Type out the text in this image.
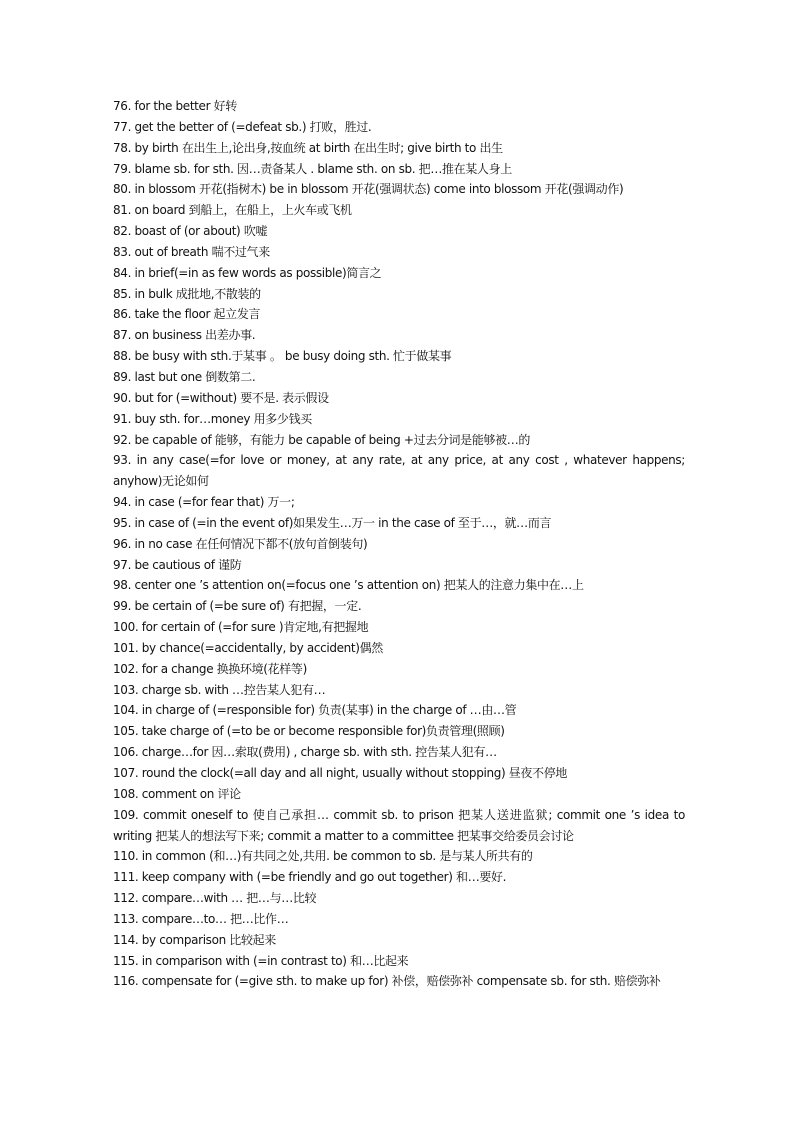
76. for the better 好转
77. get the better of (=defeat sb.) 打败，胜过.
78. by birth 在出生上,论出身,按血统 at birth 在出生时; give birth to 出生
79. blame sb. for sth. 因…责备某人 . blame sth. on sb. 把…推在某人身上
80. in blossom 开花(指树木) be in blossom 开花(强调状态) come into blossom 开花(强调动作)
81. on board 到船上，在船上，上火车或飞机
82. boast of (or about) 吹嘘
83. out of breath 喘不过气来
84. in brief(=in as few words as possible)简言之
85. in bulk 成批地,不散装的
86. take the floor 起立发言
87. on business 出差办事.
88. be busy with sth.于某事 。 be busy doing sth. 忙于做某事
89. last but one 倒数第二.
90. but for (=without) 要不是. 表示假设
91. buy sth. for…money 用多少钱买
92. be capable of 能够，有能力 be capable of being +过去分词是能够被…的
93. in any case(=for love or money, at any rate, at any price, at any cost , whatever happens; anyhow)无论如何
94. in case (=for fear that) 万一;
95. in case of (=in the event of)如果发生…万一 in the case of 至于…，就…而言
96. in no case 在任何情况下都不(放句首倒装句)
97. be cautious of 谨防
98. center one ’s attention on(=focus one ’s attention on) 把某人的注意力集中在…上
99. be certain of (=be sure of) 有把握，一定.
100. for certain of (=for sure )肯定地,有把握地
101. by chance(=accidentally, by accident)偶然
102. for a change 换换环境(花样等)
103. charge sb. with …控告某人犯有…
104. in charge of (=responsible for) 负责(某事) in the charge of …由…管
105. take charge of (=to be or become responsible for)负责管理(照顾)
106. charge…for 因…索取(费用) , charge sb. with sth. 控告某人犯有…
107. round the clock(=all day and all night, usually without stopping) 昼夜不停地
108. comment on 评论
109. commit oneself to 使自己承担… commit sb. to prison 把某人送进监狱; commit one ’s idea to writing 把某人的想法写下来; commit a matter to a committee 把某事交给委员会讨论
110. in common (和…)有共同之处,共用. be common to sb. 是与某人所共有的
111. keep company with (=be friendly and go out together) 和…要好.
112. compare…with … 把…与…比较
113. compare…to… 把…比作…
114. by comparison 比较起来
115. in comparison with (=in contrast to) 和…比起来
116. compensate for (=give sth. to make up for) 补偿，赔偿弥补 compensate sb. for sth. 赔偿弥补
